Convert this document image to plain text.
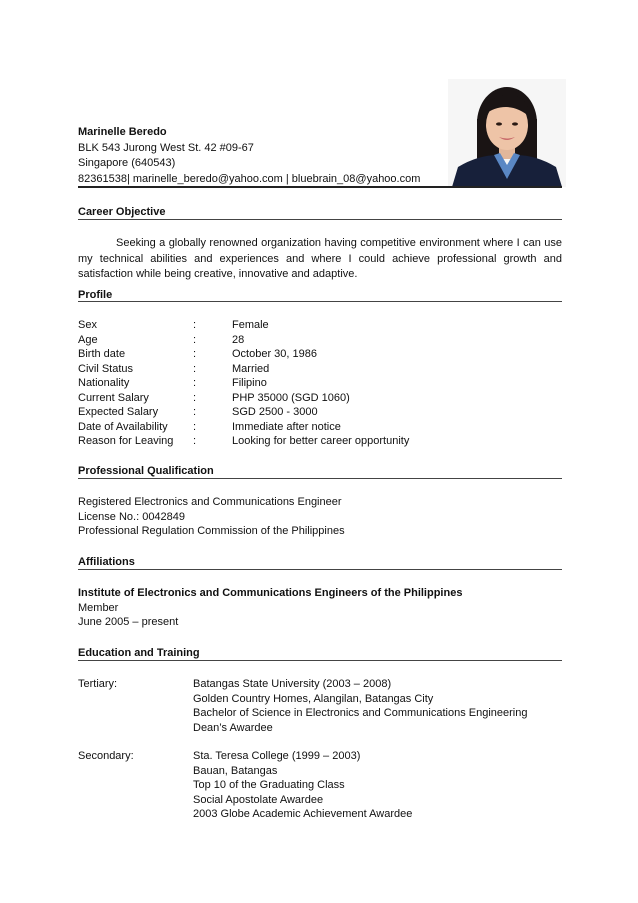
Marinelle Beredo
BLK 543 Jurong West St. 42 #09-67
Singapore (640543)
82361538| marinelle_beredo@yahoo.com | bluebrain_08@yahoo.com
Career Objective
Seeking a globally renowned organization having competitive environment where I can use my technical abilities and experiences and where I could achieve professional growth and satisfaction while being creative, innovative and adaptive.
Profile
Sex	:	Female
Age	:	28
Birth date	:	October 30, 1986
Civil Status	:	Married
Nationality	:	Filipino
Current Salary	:	PHP 35000 (SGD 1060)
Expected Salary	:	SGD 2500 - 3000
Date of Availability :	Immediate after notice
Reason for Leaving :	Looking for better career opportunity
Professional Qualification
Registered Electronics and Communications Engineer
License No.: 0042849
Professional Regulation Commission of the Philippines
Affiliations
Institute of Electronics and Communications Engineers of the Philippines
Member
June 2005 – present
Education and Training
Tertiary:	Batangas State University (2003 – 2008)
Golden Country Homes, Alangilan, Batangas City
Bachelor of Science in Electronics and Communications Engineering
Dean’s Awardee
Secondary:	Sta. Teresa College (1999 – 2003)
Bauan, Batangas
Top 10 of the Graduating Class
Social Apostolate Awardee
2003 Globe Academic Achievement Awardee
